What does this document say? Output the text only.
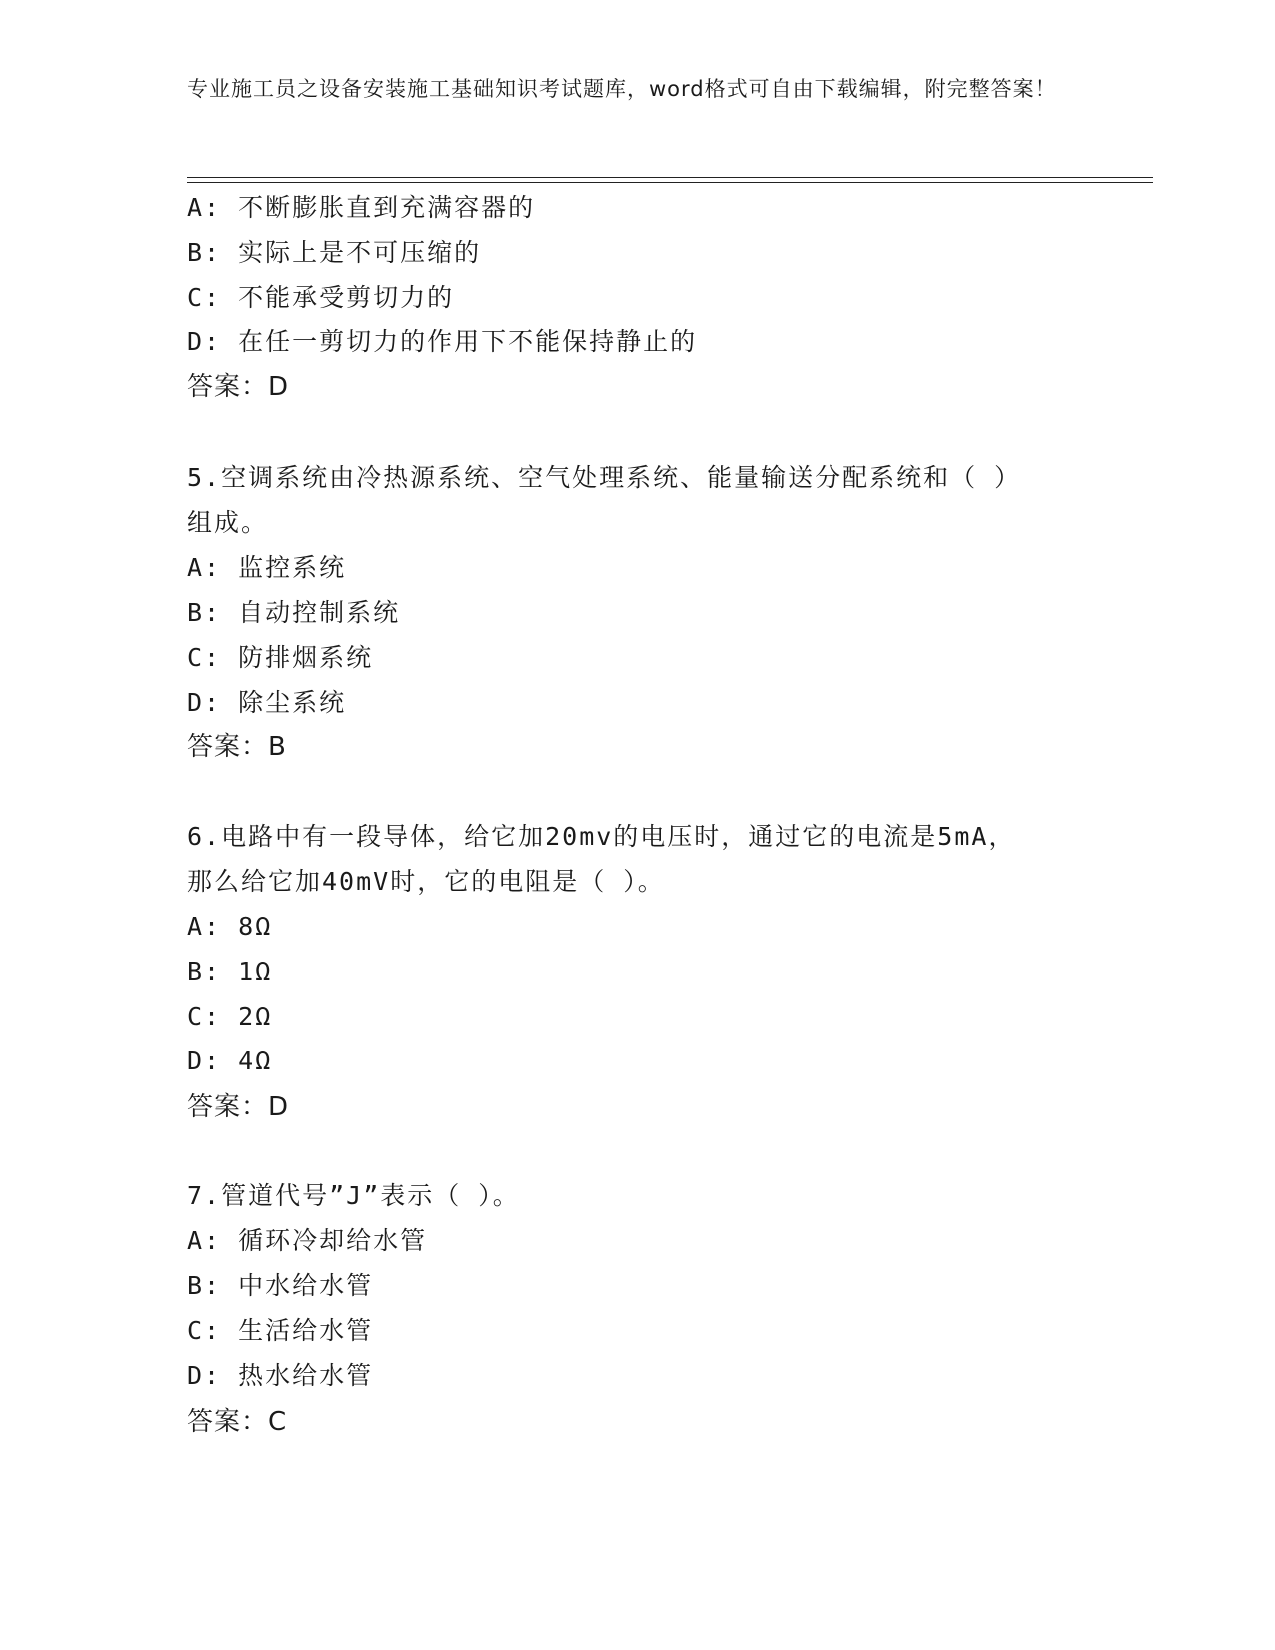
专业施工员之设备安装施工基础知识考试题库，word格式可自由下载编辑，附完整答案！
A: 不断膨胀直到充满容器的
B: 实际上是不可压缩的
C: 不能承受剪切力的
D: 在任一剪切力的作用下不能保持静止的
答案：D
5.空调系统由冷热源系统、空气处理系统、能量输送分配系统和（ ）
组成。
A: 监控系统
B: 自动控制系统
C: 防排烟系统
D: 除尘系统
答案：B
6.电路中有一段导体，给它加20mv的电压时，通过它的电流是5mA，
那么给它加40mV时，它的电阻是（ ）。
A: 8Ω
B: 1Ω
C: 2Ω
D: 4Ω
答案：D
7.管道代号”J”表示（ ）。
A: 循环冷却给水管
B: 中水给水管
C: 生活给水管
D: 热水给水管
答案：C
